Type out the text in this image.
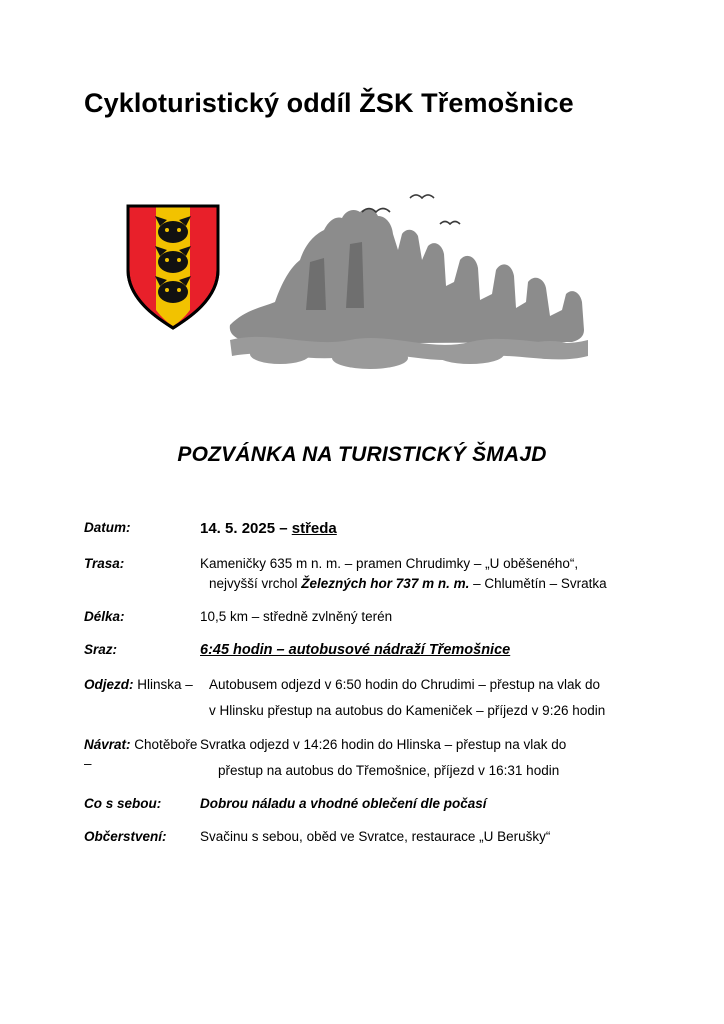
Cykloturistický oddíl ŽSK Třemošnice
POZVÁNKA NA TURISTICKÝ ŠMAJD
Datum:	14. 5. 2025 – středa
Trasa:	Kameničky 635 m n. m. – pramen Chrudimky – „U oběšeného“,
nejvyšší vrchol Železných hor 737 m n. m. – Chlumětín – Svratka
Délka:	10,5 km – středně zvlněný terén
Sraz:	6:45 hodin – autobusové nádraží Třemošnice
Odjezd: Hlinska –	Autobusem odjezd v 6:50 hodin do Chrudimi – přestup na vlak do
v Hlinsku přestup na autobus do Kameniček – příjezd v 9:26 hodin
Návrat: Chotěboře –
Svratka odjezd v 14:26 hodin do Hlinska – přestup na vlak do
přestup na autobus do Třemošnice, příjezd v 16:31 hodin
Co s sebou:	Dobrou náladu a vhodné oblečení dle počasí
Občerstvení:	Svačinu s sebou, oběd ve Svratce, restaurace „U Berušky“
